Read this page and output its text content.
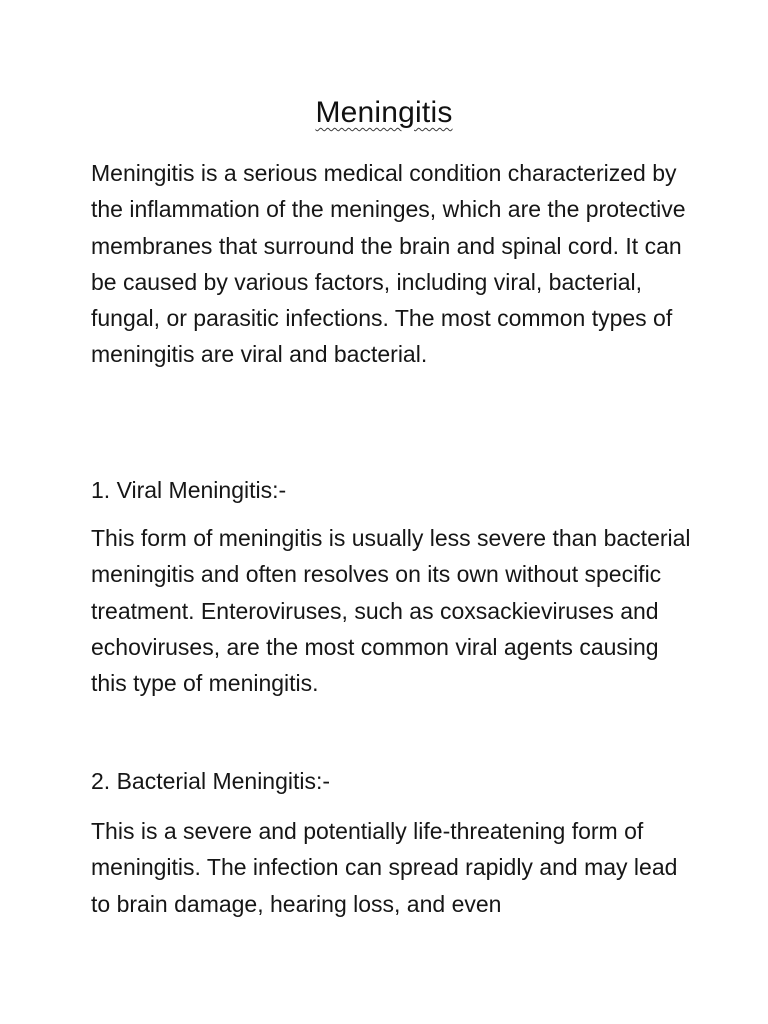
Meningitis

Meningitis is a serious medical condition characterized by the inflammation of the meninges, which are the protective membranes that surround the brain and spinal cord. It can be caused by various factors, including viral, bacterial, fungal, or parasitic infections. The most common types of meningitis are viral and bacterial.

1. Viral Meningitis:-

This form of meningitis is usually less severe than bacterial meningitis and often resolves on its own without specific treatment. Enteroviruses, such as coxsackieviruses and echoviruses, are the most common viral agents causing this type of meningitis.

2. Bacterial Meningitis:-

This is a severe and potentially life-threatening form of meningitis. The infection can spread rapidly and may lead to brain damage, hearing loss, and even
